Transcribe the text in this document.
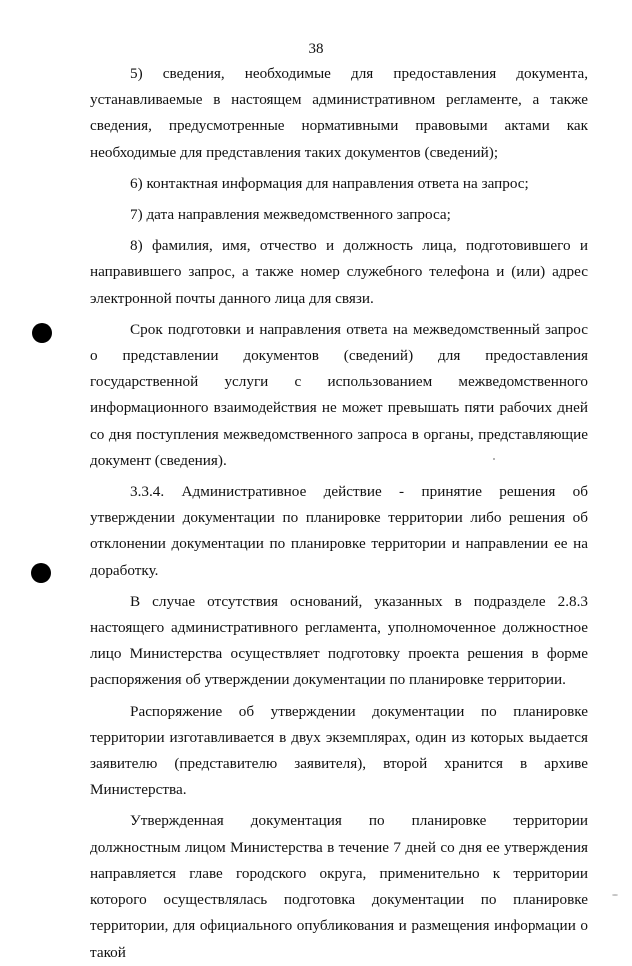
38

5) сведения, необходимые для предоставления документа, устанавливаемые в настоящем административном регламенте, а также сведения, предусмотренные нормативными правовыми актами как необходимые для представления таких документов (сведений);

6) контактная информация для направления ответа на запрос;

7) дата направления межведомственного запроса;

8) фамилия, имя, отчество и должность лица, подготовившего и направившего запрос, а также номер служебного телефона и (или) адрес электронной почты данного лица для связи.

Срок подготовки и направления ответа на межведомственный запрос о представлении документов (сведений) для предоставления государственной услуги с использованием межведомственного информационного взаимодействия не может превышать пяти рабочих дней со дня поступления межведомственного запроса в органы, представляющие документ (сведения).

3.3.4. Административное действие - принятие решения об утверждении документации по планировке территории либо решения об отклонении документации по планировке территории и направлении ее на доработку.

В случае отсутствия оснований, указанных в подразделе 2.8.3 настоящего административного регламента, уполномоченное должностное лицо Министерства осуществляет подготовку проекта решения в форме распоряжения об утверждении документации по планировке территории.

Распоряжение об утверждении документации по планировке территории изготавливается в двух экземплярах, один из которых выдается заявителю (представителю заявителя), второй хранится в архиве Министерства.

Утвержденная документация по планировке территории должностным лицом Министерства в течение 7 дней со дня ее утверждения направляется главе городского округа, применительно к территории которого осуществлялась подготовка документации по планировке территории, для официального опубликования и размещения информации о такой
